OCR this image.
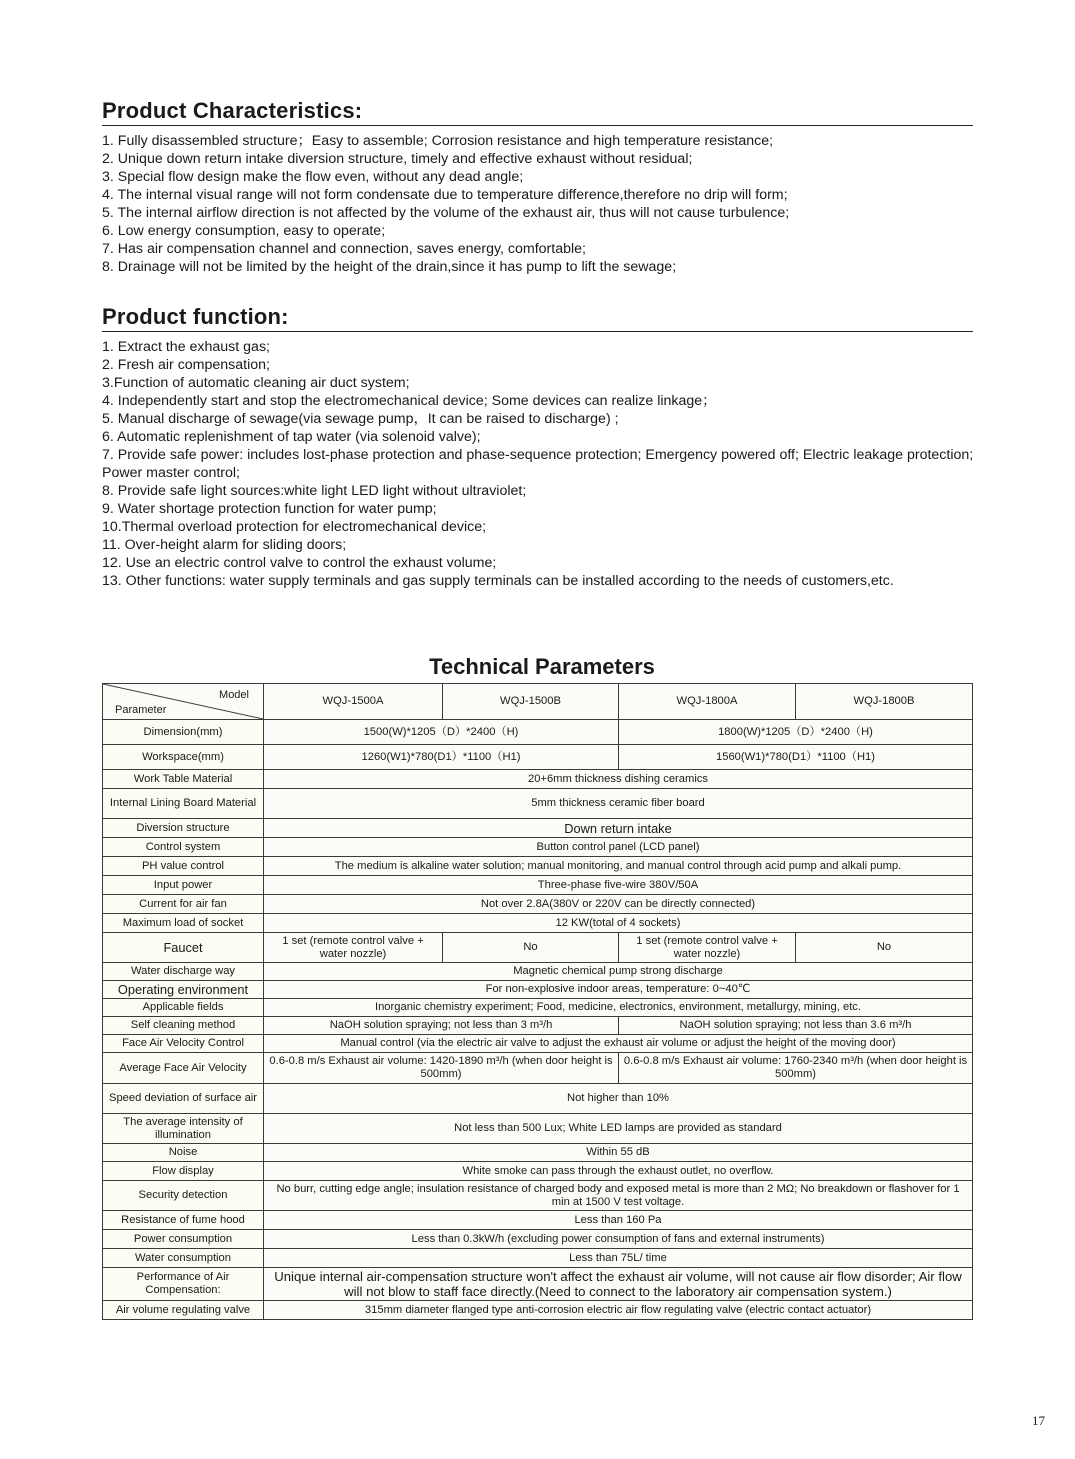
Product Characteristics:
1. Fully disassembled structure；Easy to assemble; Corrosion resistance and high temperature resistance;
2. Unique down return intake diversion structure, timely and effective exhaust without residual;
3. Special flow design make the flow even, without any dead angle;
4. The internal visual range will not form condensate due to temperature difference,therefore no drip will form;
5. The internal airflow direction is not affected by the volume of the exhaust air, thus will not cause turbulence;
6. Low energy consumption, easy to operate;
7. Has air compensation channel and connection, saves energy, comfortable;
8. Drainage will not be limited by the height of the drain,since it has pump to lift the sewage;
Product function:
1. Extract the exhaust gas;
2. Fresh air compensation;
3.Function of automatic cleaning air duct system;
4. Independently start and stop the electromechanical device; Some devices can realize linkage；
5. Manual discharge of sewage(via sewage pump，It can be raised to discharge) ;
6. Automatic replenishment of tap water (via solenoid valve);
7. Provide safe power: includes lost-phase protection and phase-sequence protection; Emergency powered off; Electric leakage protection; Power master control;
8. Provide safe light sources:white light LED light without ultraviolet;
9. Water shortage protection function for water pump;
10.Thermal overload protection for electromechanical device;
11. Over-height alarm for sliding doors;
12. Use an electric control valve to control the exhaust volume;
13. Other functions: water supply terminals and gas supply terminals can be installed according to the needs of customers,etc.
Technical Parameters
Model
Parameter	WQJ-1500A	WQJ-1500B	WQJ-1800A	WQJ-1800B
Dimension(mm)	1500(W)*1205（D）*2400（H)		1800(W)*1205（D）*2400（H)	
Workspace(mm)	1260(W1)*780(D1）*1100（H1)		1560(W1)*780(D1）*1100（H1)	
Work Table Material	20+6mm thickness dishing ceramics			
Internal Lining Board Material	5mm thickness ceramic fiber board			
Diversion structure	Down return intake			
Control system	Button control panel (LCD panel)			
PH value control	The medium is alkaline water solution; manual monitoring, and manual control through acid pump and alkali pump.			
Input power	Three-phase five-wire 380V/50A			
Current for air fan	Not over 2.8A(380V or 220V can be directly connected)			
Maximum load of socket	12 KW(total of 4 sockets)			
Faucet	1 set (remote control valve + water nozzle)	No	1 set (remote control valve + water nozzle)	No
Water discharge way	Magnetic chemical pump strong discharge			
Operating environment	For non-explosive indoor areas, temperature: 0~40℃			
Applicable fields	Inorganic chemistry experiment; Food, medicine, electronics, environment, metallurgy, mining, etc.			
Self cleaning method	NaOH solution spraying; not less than 3 m³/h		NaOH solution spraying; not less than 3.6 m³/h	
Face Air Velocity Control	Manual control (via the electric air valve to adjust the exhaust air volume or adjust the height of the moving door)			
Average Face Air Velocity	0.6-0.8 m/s Exhaust air volume: 1420-1890 m³/h (when door height is 500mm)		0.6-0.8 m/s Exhaust air volume: 1760-2340 m³/h (when door height is 500mm)	
Speed deviation of surface air	Not higher than 10%			
The average intensity of illumination	Not less than 500 Lux; White LED lamps are provided as standard			
Noise	Within 55 dB			
Flow display	White smoke can pass through the exhaust outlet, no overflow.			
Security detection	No burr, cutting edge angle; insulation resistance of charged body and exposed metal is more than 2 MΩ; No breakdown or flashover for 1 min at 1500 V test voltage.			
Resistance of fume hood	Less than 160 Pa			
Power consumption	Less than 0.3kW/h (excluding power consumption of fans and external instruments)			
Water consumption	Less than 75L/ time			
Performance of Air Compensation:	Unique internal air-compensation structure won't affect the exhaust air volume, will not cause air flow disorder; Air flow will not blow to staff face directly.(Need to connect to the laboratory air compensation system.)			
Air volume regulating valve	315mm diameter flanged type anti-corrosion electric air flow regulating valve (electric contact actuator)			
17
